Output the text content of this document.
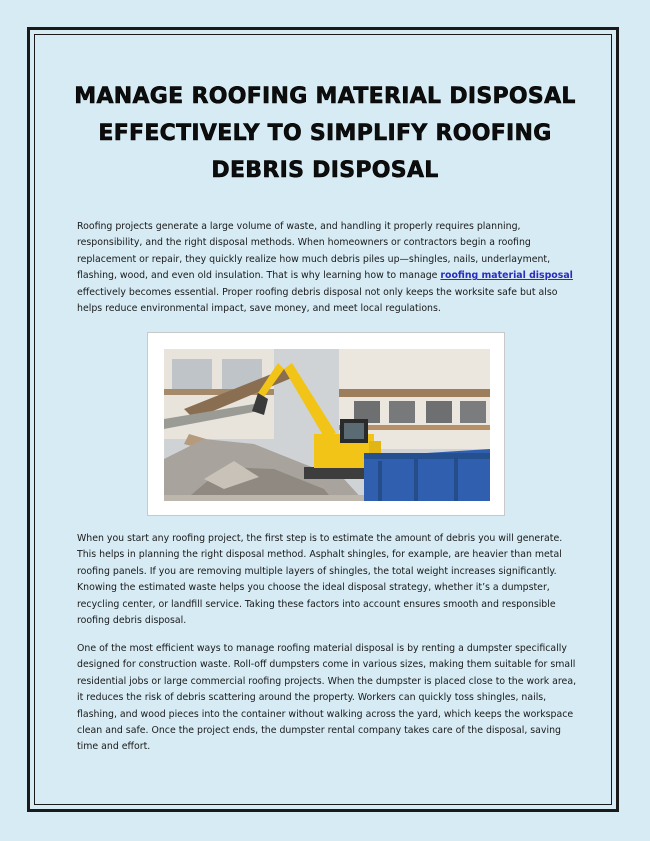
MANAGE ROOFING MATERIAL DISPOSAL
EFFECTIVELY TO SIMPLIFY ROOFING
DEBRIS DISPOSAL

Roofing projects generate a large volume of waste, and handling it properly requires planning, responsibility, and the right disposal methods. When homeowners or contractors begin a roofing replacement or repair, they quickly realize how much debris piles up—shingles, nails, underlayment, flashing, wood, and even old insulation. That is why learning how to manage roofing material disposal effectively becomes essential. Proper roofing debris disposal not only keeps the worksite safe but also helps reduce environmental impact, save money, and meet local regulations.

When you start any roofing project, the first step is to estimate the amount of debris you will generate. This helps in planning the right disposal method. Asphalt shingles, for example, are heavier than metal roofing panels. If you are removing multiple layers of shingles, the total weight increases significantly. Knowing the estimated waste helps you choose the ideal disposal strategy, whether it’s a dumpster, recycling center, or landfill service. Taking these factors into account ensures smooth and responsible roofing debris disposal.

One of the most efficient ways to manage roofing material disposal is by renting a dumpster specifically designed for construction waste. Roll-off dumpsters come in various sizes, making them suitable for small residential jobs or large commercial roofing projects. When the dumpster is placed close to the work area, it reduces the risk of debris scattering around the property. Workers can quickly toss shingles, nails, flashing, and wood pieces into the container without walking across the yard, which keeps the workspace clean and safe. Once the project ends, the dumpster rental company takes care of the disposal, saving time and effort.
